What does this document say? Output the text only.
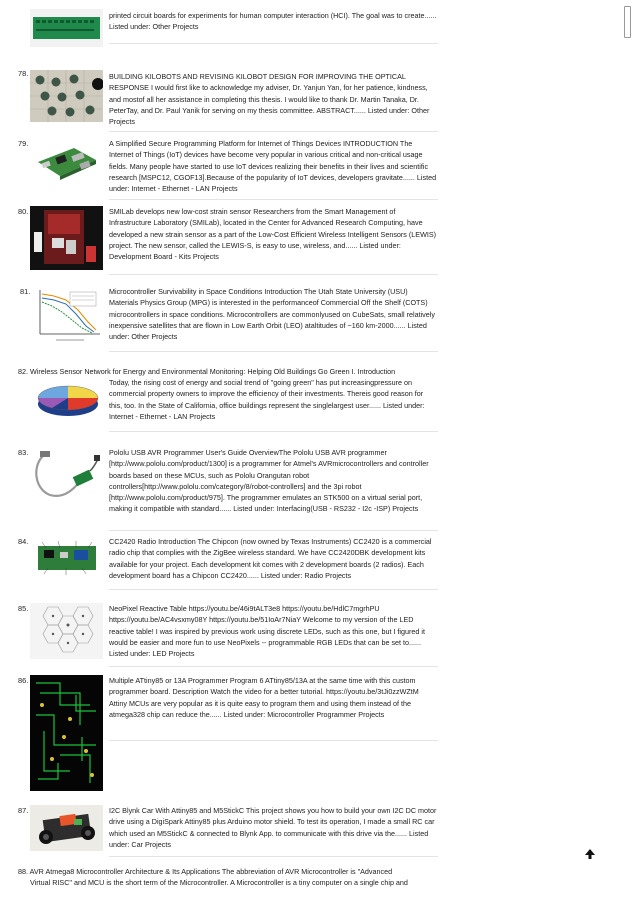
printed circuit boards for experiments for human computer interaction (HCI). The goal was to create...... Listed under: Other Projects
78.	BUILDING KILOBOTS AND REVISING KILOBOT DESIGN FOR IMPROVING THE OPTICAL RESPONSE I would first like to acknowledge my adviser, Dr. Yanjun Yan, for her patience, kindness, and mostof all her assistance in completing this thesis. I would like to thank Dr. Martin Tanaka, Dr. PeterTay, and Dr. Paul Yanik for serving on my thesis committee. ABSTRACT...... Listed under: Other Projects
79.	A Simplified Secure Programming Platform for Internet of Things Devices INTRODUCTION The Internet of Things (IoT) devices have become very popular in various critical and non-critical usage fields. Many people have started to use IoT devices realizing their benefits in their lives and scientific research [MSPC12, CGOF13].Because of the popularity of IoT devices, developers gravitate...... Listed under: Internet - Ethernet - LAN Projects
80.	SMILab develops new low-cost strain sensor Researchers from the Smart Management of Infrastructure Laboratory (SMILab), located in the Center for Advanced Research Computing, have developed a new strain sensor as a part of the Low-Cost Efficient Wireless Intelligent Sensors (LEWIS) project. The new sensor, called the LEWIS-S, is easy to use, wireless, and...... Listed under: Development Board - Kits Projects
81.	Microcontroller Survivability in Space Conditions Introduction The Utah State University (USU) Materials Physics Group (MPG) is interested in the performanceof Commercial Off the Shelf (COTS) microcontrollers in space conditions. Microcontrollers are commonlyused on CubeSats, small relatively inexpensive satellites that are flown in Low Earth Orbit (LEO) ataltitudes of ~160 km-2000...... Listed under: Other Projects
82. Wireless Sensor Network for Energy and Environmental Monitoring: Helping Old Buildings Go Green I. Introduction
Today, the rising cost of energy and social trend of "going green" has put increasingpressure on commercial property owners to improve the efficiency of their investments. Thereis good reason for this, too. In the State of California, office buildings represent the singlelargest user...... Listed under: Internet - Ethernet - LAN Projects
83.	Pololu USB AVR Programmer User's Guide OverviewThe Pololu USB AVR programmer [http://www.pololu.com/product/1300] is a programmer for Atmel's AVRmicrocontrollers and controller boards based on these MCUs, such as Pololu Orangutan robot controllers[http://www.pololu.com/category/8/robot-controllers] and the 3pi robot [http://www.pololu.com/product/975]. The programmer emulates an STK500 on a virtual serial port, making it compatible with standard...... Listed under: Interfacing(USB - RS232 - I2c -ISP) Projects
84.	CC2420 Radio Introduction The Chipcon (now owned by Texas Instruments) CC2420 is a commercial radio chip that complies with the ZigBee wireless standard. We have CC2420DBK development kits available for your project. Each development kit comes with 2 development boards (2 radios). Each development board has a Chipcon CC2420...... Listed under: Radio Projects
85.	NeoPixel Reactive Table https://youtu.be/46i9tALT3e8 https://youtu.be/HdlC7mgrhPU https://youtu.be/AC4vsxmy08Y https://youtu.be/51IoAr7NiaY Welcome to my version of the LED reactive table! I was inspired by previous work using discrete LEDs, such as this one, but I figured it would be easier and more fun to use NeoPixels -- programmable RGB LEDs that can be set to...... Listed under: LED Projects
86.	Multiple ATtiny85 or 13A Programmer Program 6 ATtiny85/13A at the same time with this custom programmer board. Description Watch the video for a better tutorial. https://youtu.be/3tJi0zzWZtM Attiny MCUs are very popular as it is quite easy to program them and using them instead of the atmega328 chip can reduce the...... Listed under: Microcontroller Programmer Projects
87.	I2C Blynk Car With Attiny85 and M5StickC This project shows you how to build your own I2C DC motor drive using a DigiSpark Attiny85 plus Arduino motor shield. To test its operation, I made a small RC car which used an M5StickC & connected to Blynk App. to communicate with this drive via the...... Listed under: Car Projects
88. AVR Atmega8 Microcontroller Architecture & Its Applications The abbreviation of AVR Microcontroller is "Advanced
Virtual RISC" and MCU is the short term of the Microcontroller. A Microcontroller is a tiny computer on a single chip and
